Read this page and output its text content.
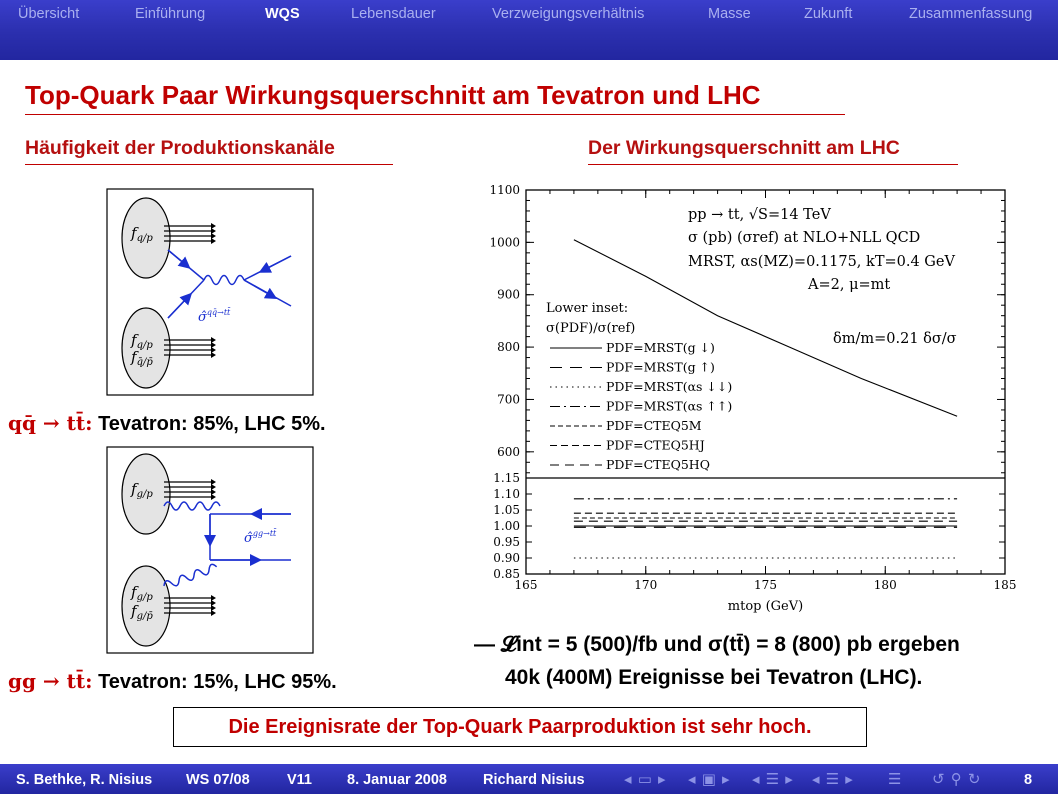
Übersicht	Einführung	WQS	Lebensdauer	Verzweigungsverhältnis	Masse	Zukunft	Zusammenfassung
Top-Quark Paar Wirkungsquerschnitt am Tevatron und LHC
Häufigkeit der Produktionskanäle	Der Wirkungsquerschnitt am LHC
$f_{q/p}$
$f_{q/p}$
$f_{q̄/p̄}$
σ̂$^{qq̄\to tt̄}$
qq̄ → tt̄: Tevatron: 85%, LHC 5%.
$f_{g/p}$
$f_{g/p}$
$f_{g/p̄}$
σ̂$^{gg\to tt̄}$
gg → tt̄: Tevatron: 15%, LHC 95%.
165	170	175	180	185
mtop (GeV)
600
700
800
900
1000
1100
0.85
0.90
0.95
1.00
1.05
1.10
1.15
pp → tt, √S=14 TeV
σ (pb) (σref) at NLO+NLL QCD
MRST, αs(MZ)=0.1175, kT=0.4 GeV
A=2, μ=mt
δm/m=0.21 δσ/σ
Lower inset:
σ(PDF)/σ(ref)
PDF=MRST(g ↓)
PDF=MRST(g ↑)
PDF=MRST(αs ↓↓)
PDF=MRST(αs ↑↑)
PDF=CTEQ5M
PDF=CTEQ5HJ
PDF=CTEQ5HQ
— 𝓛int = 5 (500)/fb und σ(tt̄) = 8 (800) pb ergeben
40k (400M) Ereignisse bei Tevatron (LHC).
Die Ereignisrate der Top-Quark Paarproduktion ist sehr hoch.
S. Bethke, R. Nisius WS 07/08	V11 8. Januar 2008 Richard Nisius	◂ ▭ ▸ ◂ ▣ ▸ ◂ ☰ ▸ ◂ ☰ ▸ ☰ ↺ ⚲ ↻	8
